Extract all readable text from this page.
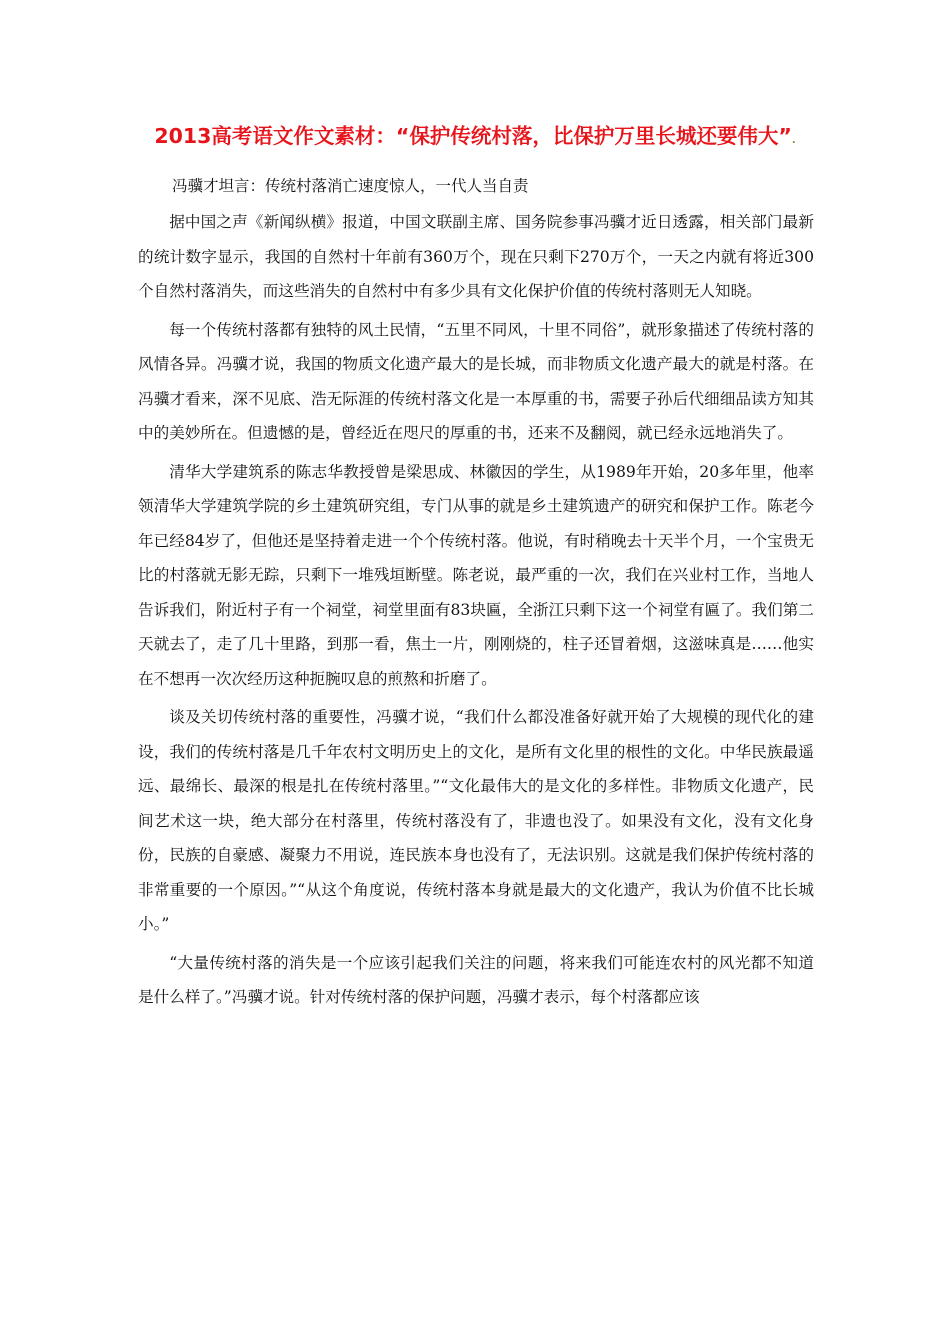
2013高考语文作文素材：“保护传统村落，比保护万里长城还要伟大”.

冯骥才坦言：传统村落消亡速度惊人，一代人当自责

据中国之声《新闻纵横》报道，中国文联副主席、国务院参事冯骥才近日透露，相关部门最新的统计数字显示，我国的自然村十年前有360万个，现在只剩下270万个，一天之内就有将近300个自然村落消失，而这些消失的自然村中有多少具有文化保护价值的传统村落则无人知晓。

每一个传统村落都有独特的风土民情，“五里不同风，十里不同俗”，就形象描述了传统村落的风情各异。冯骥才说，我国的物质文化遗产最大的是长城，而非物质文化遗产最大的就是村落。在冯骥才看来，深不见底、浩无际涯的传统村落文化是一本厚重的书，需要子孙后代细细品读方知其中的美妙所在。但遗憾的是，曾经近在咫尺的厚重的书，还来不及翻阅，就已经永远地消失了。

清华大学建筑系的陈志华教授曾是梁思成、林徽因的学生，从1989年开始，20多年里，他率领清华大学建筑学院的乡土建筑研究组，专门从事的就是乡土建筑遗产的研究和保护工作。陈老今年已经84岁了，但他还是坚持着走进一个个传统村落。他说，有时稍晚去十天半个月，一个宝贵无比的村落就无影无踪，只剩下一堆残垣断壁。陈老说，最严重的一次，我们在兴业村工作，当地人告诉我们，附近村子有一个祠堂，祠堂里面有83块匾，全浙江只剩下这一个祠堂有匾了。我们第二天就去了，走了几十里路，到那一看，焦土一片，刚刚烧的，柱子还冒着烟，这滋味真是……他实在不想再一次次经历这种扼腕叹息的煎熬和折磨了。

谈及关切传统村落的重要性，冯骥才说，“我们什么都没准备好就开始了大规模的现代化的建设，我们的传统村落是几千年农村文明历史上的文化，是所有文化里的根性的文化。中华民族最遥远、最绵长、最深的根是扎在传统村落里。”“文化最伟大的是文化的多样性。非物质文化遗产，民间艺术这一块，绝大部分在村落里，传统村落没有了，非遗也没了。如果没有文化，没有文化身份，民族的自豪感、凝聚力不用说，连民族本身也没有了，无法识别。这就是我们保护传统村落的非常重要的一个原因。”“从这个角度说，传统村落本身就是最大的文化遗产，我认为价值不比长城小。”

“大量传统村落的消失是一个应该引起我们关注的问题，将来我们可能连农村的风光都不知道是什么样了。”冯骥才说。针对传统村落的保护问题，冯骥才表示，每个村落都应该
